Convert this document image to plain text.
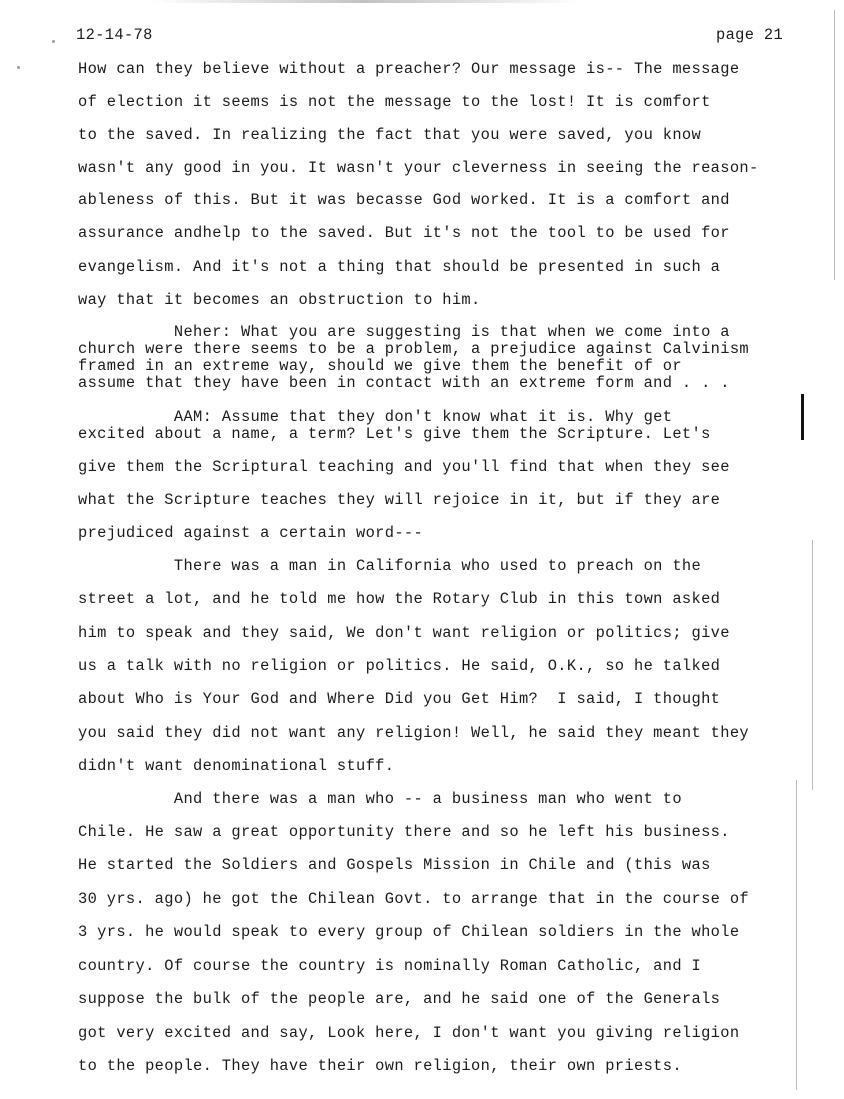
12-14-78	page 21
How can they believe without a preacher? Our message is-- The message
of election it seems is not the message to the lost! It is comfort
to the saved. In realizing the fact that you were saved, you know
wasn't any good in you. It wasn't your cleverness in seeing the reason-
ableness of this. But it was becasse God worked. It is a comfort and
assurance andhelp to the saved. But it's not the tool to be used for
evangelism. And it's not a thing that should be presented in such a
way that it becomes an obstruction to him.
Neher: What you are suggesting is that when we come into a
church were there seems to be a problem, a prejudice against Calvinism
framed in an extreme way, should we give them the benefit of or
assume that they have been in contact with an extreme form and . . .
AAM: Assume that they don't know what it is. Why get
excited about a name, a term? Let's give them the Scripture. Let's
give them the Scriptural teaching and you'll find that when they see
what the Scripture teaches they will rejoice in it, but if they are
prejudiced against a certain word---
There was a man in California who used to preach on the
street a lot, and he told me how the Rotary Club in this town asked
him to speak and they said, We don't want religion or politics; give
us a talk with no religion or politics. He said, O.K., so he talked
about Who is Your God and Where Did you Get Him?  I said, I thought
you said they did not want any religion! Well, he said they meant they
didn't want denominational stuff.
And there was a man who -- a business man who went to
Chile. He saw a great opportunity there and so he left his business.
He started the Soldiers and Gospels Mission in Chile and (this was
30 yrs. ago) he got the Chilean Govt. to arrange that in the course of
3 yrs. he would speak to every group of Chilean soldiers in the whole
country. Of course the country is nominally Roman Catholic, and I
suppose the bulk of the people are, and he said one of the Generals
got very excited and say, Look here, I don't want you giving religion
to the people. They have their own religion, their own priests.
